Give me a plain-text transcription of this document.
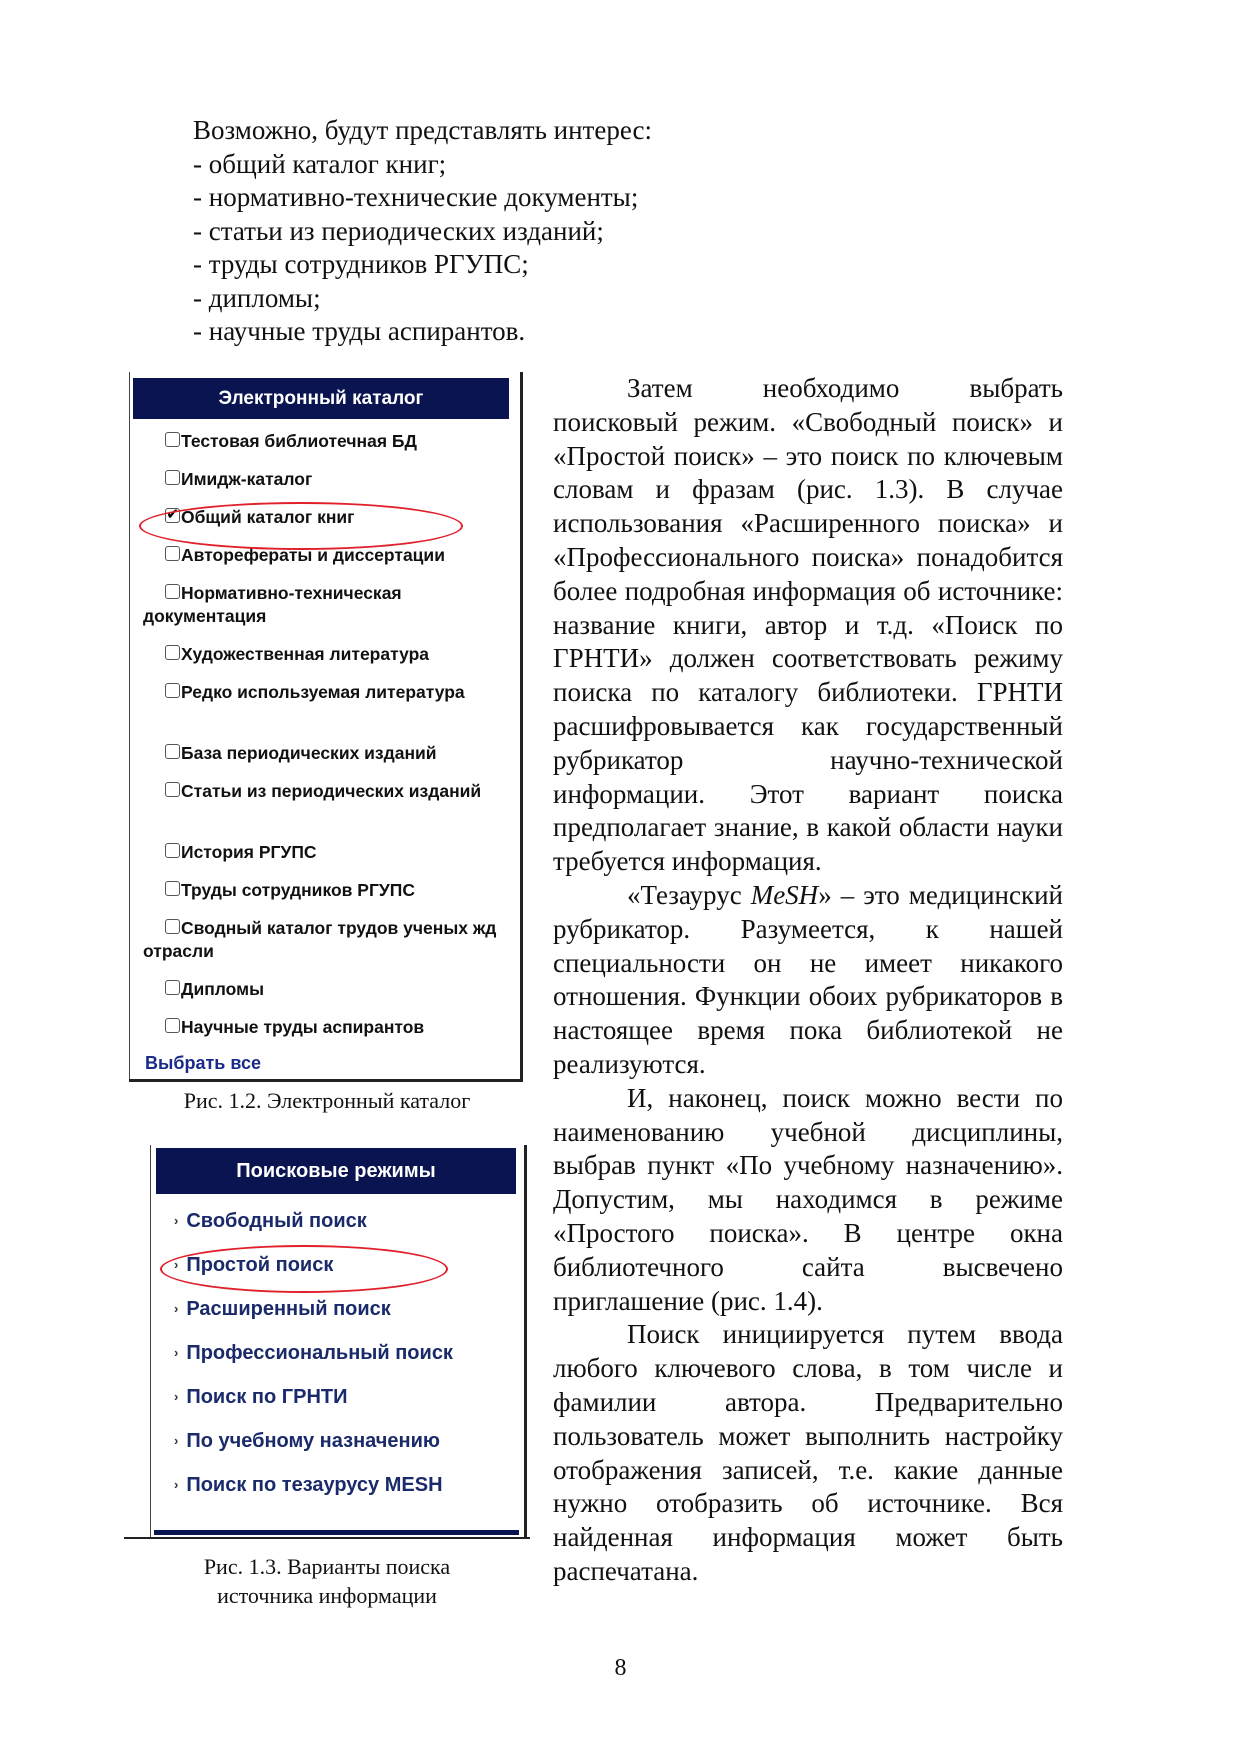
Возможно, будут представлять интерес:
- общий каталог книг;
- нормативно-технические документы;
- статьи из периодических изданий;
- труды сотрудников РГУПС;
- дипломы;
- научные труды аспирантов.
Электронный каталог
Тестовая библиотечная БД
Имидж-каталог
✔ Общий каталог книг
Авторефераты и диссертации
Нормативно-техническая документация
Художественная литература
Редко используемая литература
База периодических изданий
Статьи из периодических изданий
История РГУПС
Труды сотрудников РГУПС
Сводный каталог трудов ученых жд отрасли
Дипломы
Научные труды аспирантов
Выбрать все
Рис. 1.2. Электронный каталог
Поисковые режимы
› Свободный поиск
› Простой поиск
› Расширенный поиск
› Профессиональный поиск
› Поиск по ГРНТИ
› По учебному назначению
› Поиск по тезаурусу MESH
Рис. 1.3. Варианты поиска
источника информации

Затем необходимо выбрать поисковый режим. «Свободный поиск» и «Простой поиск» – это поиск по ключевым словам и фразам (рис. 1.3). В случае использования «Расширенного поиска» и «Профессионального поиска» понадобится более подробная информация об источнике: название книги, автор и т.д. «Поиск по ГРНТИ» должен соответствовать режиму поиска по каталогу библиотеки. ГРНТИ расшифровывается как государственный рубрикатор научно-технической информации. Этот вариант поиска предполагает знание, в какой области науки требуется информация.

«Тезаурус MeSH» – это медицинский рубрикатор. Разумеется, к нашей специальности он не имеет никакого отношения. Функции обоих рубрикаторов в настоящее время пока библиотекой не реализуются.

И, наконец, поиск можно вести по наименованию учебной дисциплины, выбрав пункт «По учебному назначению». Допустим, мы находимся в режиме «Простого поиска». В центре окна библиотечного сайта высвечено приглашение (рис. 1.4).

Поиск инициируется путем ввода любого ключевого слова, в том числе и фамилии автора. Предварительно пользователь может выполнить настройку отображения записей, т.е. какие данные нужно отобразить об источнике. Вся найденная информация может быть распечатана.

8
